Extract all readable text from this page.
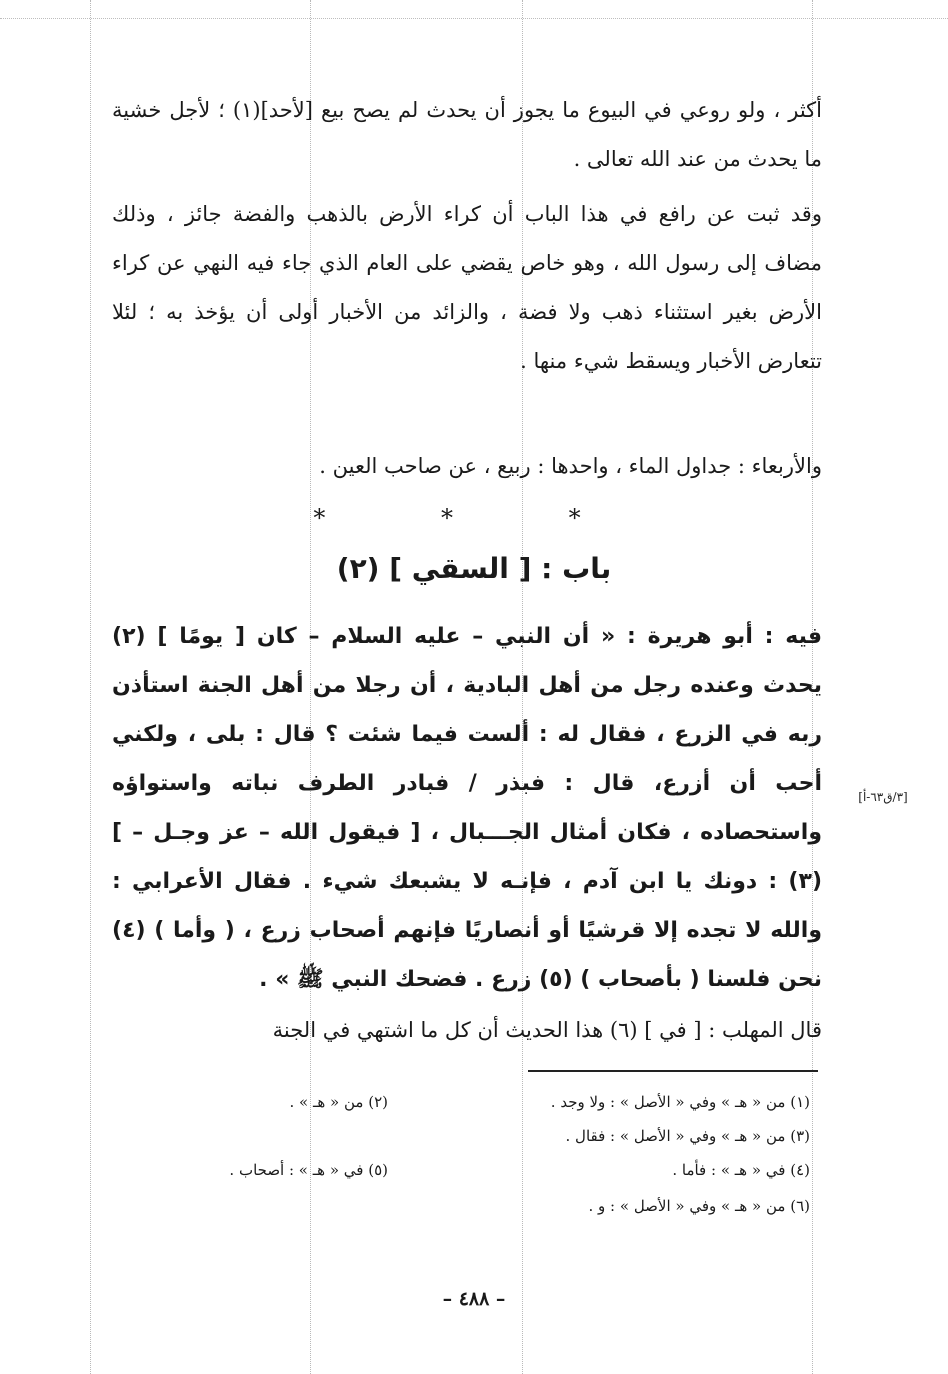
أكثر ، ولو روعي في البيوع ما يجوز أن يحدث لم يصح بيع [لأحد](١) ؛ لأجل خشية ما يحدث من عند الله تعالى .

وقد ثبت عن رافع في هذا الباب أن كراء الأرض بالذهب والفضة جائز ، وذلك مضاف إلى رسول الله ، وهو خاص يقضي على العام الذي جاء فيه النهي عن كراء الأرض بغير استثناء ذهب ولا فضة ، والزائد من الأخبار أولى أن يؤخذ به ؛ لئلا تتعارض الأخبار ويسقط شيء منها .

والأربعاء : جداول الماء ، واحدها : ربيع ، عن صاحب العين .

* * *
باب : [ السقي ] (٢)

فيه : أبو هريرة : « أن النبي – عليه السلام – كان [ يومًا ] (٢) يحدث وعنده رجل من أهل البادية ، أن رجلا من أهل الجنة استأذن ربه في الزرع ، فقال له : ألست فيما شئت ؟ قال : بلى ، ولكني أحب أن أزرع، قال : فبذر / فبادر الطرف نباته واستواؤه واستحصاده ، فكان أمثال الجـــبال ، [ فيقول الله – عز وجـل – ] (٣) : دونك يا ابن آدم ، فإنـه لا يشبعك شيء . فقال الأعرابي : والله لا تجده إلا قرشيًا أو أنصاريًا فإنهم أصحاب زرع ، ( وأما ) (٤) نحن فلسنا ( بأصحاب ) (٥) زرع . فضحك النبي ﷺ » .

[٣/ق٦٣-أ]

قال المهلب : [ في ] (٦) هذا الحديث أن كل ما اشتهي في الجنة

(١) من « هـ » وفي « الأصل » : ولا وجد .
(٢) من « هـ » .
(٣) من « هـ » وفي « الأصل » : فقال .
(٤) في « هـ » : فأما .
(٥) في « هـ » : أصحاب .
(٦) من « هـ » وفي « الأصل » : و .
– ٤٨٨ –
